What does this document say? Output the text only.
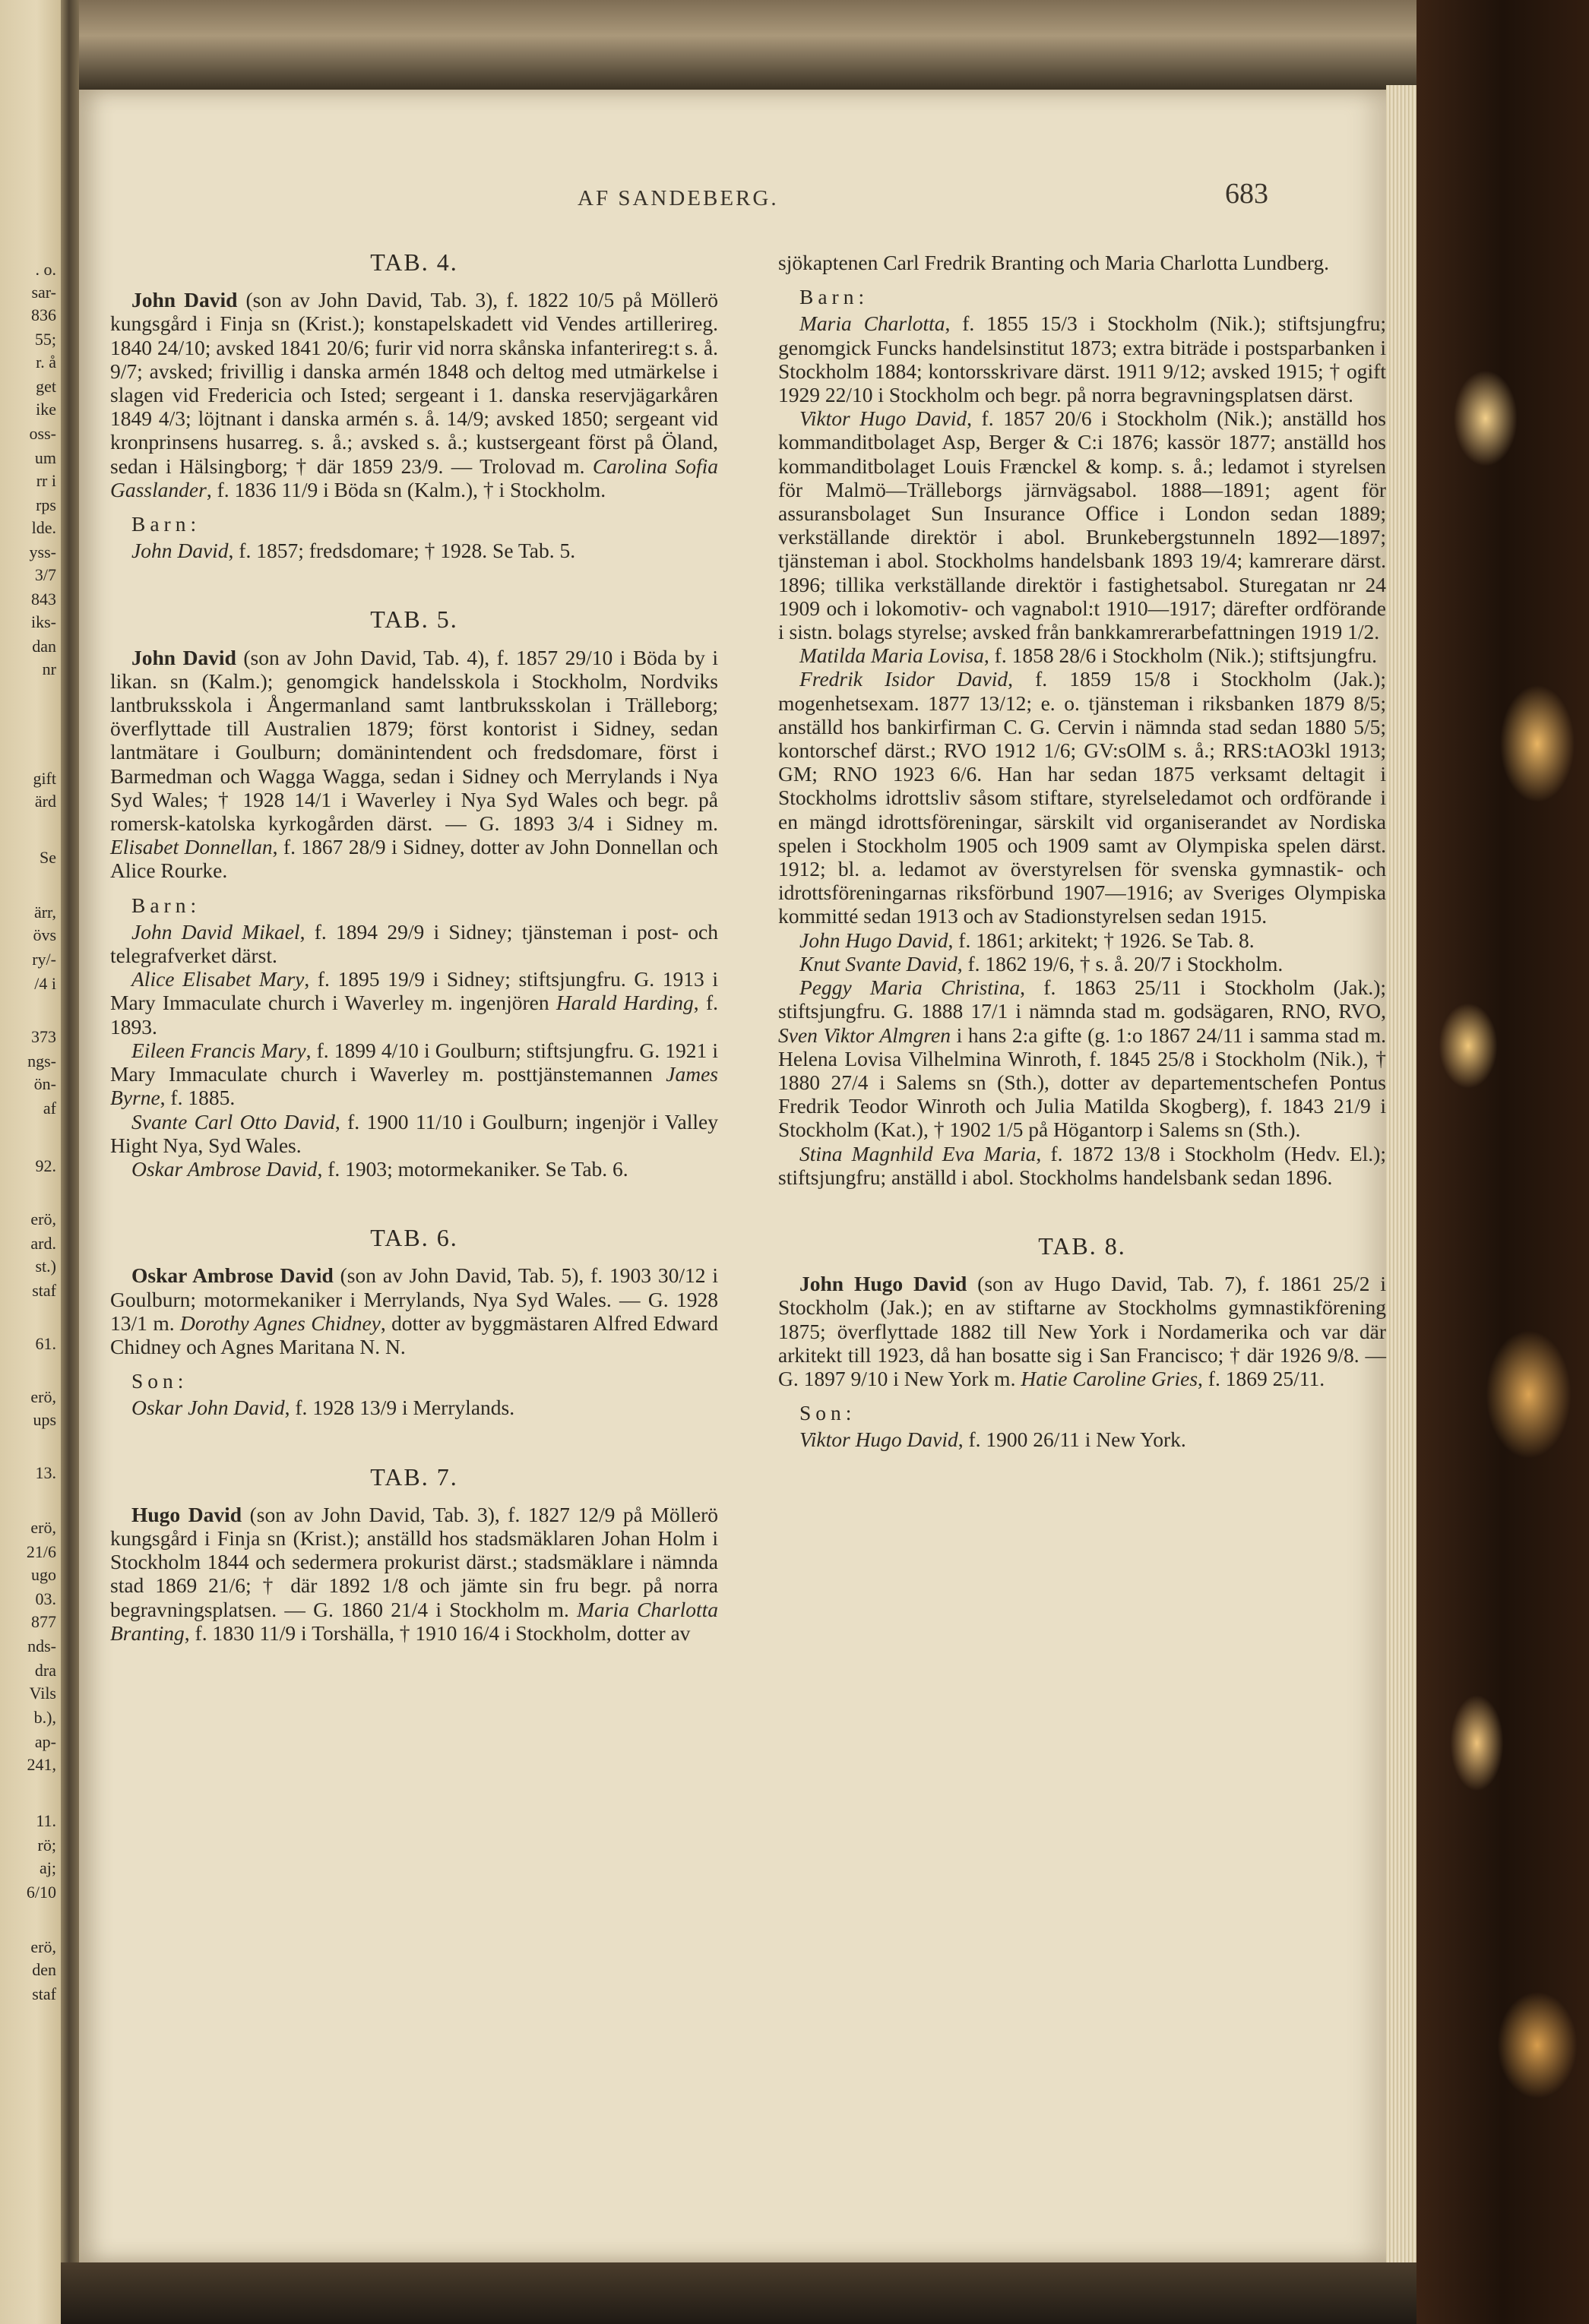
. o.
sar-
836
55;
r. å
get
ike
oss-
um
rr i
rps
lde.
yss-
3/7
843
iks-
dan
nr
gift
ärd
Se
ärr,
övs
ry/-
/4 i
373
ngs-
ön-
af
92.
erö,
ard.
st.)
staf
61.
erö,
ups
13.
erö,
21/6
ugo
03.
877
nds-
dra
Vils
b.),
ap-
241,
11.
rö;
aj;
6/10
erö,
den
staf
AF SANDEBERG.	683
TAB. 4.

John David (son av John David, Tab. 3), f. 1822 10/5 på Möllerö kungsgård i Finja sn (Krist.); konstapelskadett vid Vendes artillerireg. 1840 24/10; avsked 1841 20/6; furir vid norra skånska infanterireg:t s. å. 9/7; avsked; frivillig i danska armén 1848 och deltog med utmärkelse i slagen vid Fredericia och Isted; sergeant i 1. danska reservjägarkåren 1849 4/3; löjtnant i danska armén s. å. 14/9; avsked 1850; sergeant vid kronprinsens husarreg. s. å.; avsked s. å.; kustsergeant först på Öland, sedan i Hälsingborg; † där 1859 23/9. — Trolovad m. Carolina Sofia Gasslander, f. 1836 11/9 i Böda sn (Kalm.), † i Stockholm.

Barn:

John David, f. 1857; fredsdomare; † 1928. Se Tab. 5.

TAB. 5.

John David (son av John David, Tab. 4), f. 1857 29/10 i Böda by i likan. sn (Kalm.); genomgick handelsskola i Stockholm, Nordviks lantbruksskola i Ångermanland samt lantbruksskolan i Trälleborg; överflyttade till Australien 1879; först kontorist i Sidney, sedan lantmätare i Goulburn; domänintendent och fredsdomare, först i Barmedman och Wagga Wagga, sedan i Sidney och Merrylands i Nya Syd Wales; † 1928 14/1 i Waverley i Nya Syd Wales och begr. på romersk-katolska kyrkogården därst. — G. 1893 3/4 i Sidney m. Elisabet Donnellan, f. 1867 28/9 i Sidney, dotter av John Donnellan och Alice Rourke.

Barn:

John David Mikael, f. 1894 29/9 i Sidney; tjänsteman i post- och telegrafverket därst.

Alice Elisabet Mary, f. 1895 19/9 i Sidney; stiftsjungfru. G. 1913 i Mary Immaculate church i Waverley m. ingenjören Harald Harding, f. 1893.

Eileen Francis Mary, f. 1899 4/10 i Goulburn; stiftsjungfru. G. 1921 i Mary Immaculate church i Waverley m. posttjänstemannen James Byrne, f. 1885.

Svante Carl Otto David, f. 1900 11/10 i Goulburn; ingenjör i Valley Hight Nya, Syd Wales.

Oskar Ambrose David, f. 1903; motormekaniker. Se Tab. 6.

TAB. 6.

Oskar Ambrose David (son av John David, Tab. 5), f. 1903 30/12 i Goulburn; motormekaniker i Merrylands, Nya Syd Wales. — G. 1928 13/1 m. Dorothy Agnes Chidney, dotter av byggmästaren Alfred Edward Chidney och Agnes Maritana N. N.

Son:

Oskar John David, f. 1928 13/9 i Merrylands.

TAB. 7.

Hugo David (son av John David, Tab. 3), f. 1827 12/9 på Möllerö kungsgård i Finja sn (Krist.); anställd hos stadsmäklaren Johan Holm i Stockholm 1844 och sedermera prokurist därst.; stadsmäklare i nämnda stad 1869 21/6; † där 1892 1/8 och jämte sin fru begr. på norra begravningsplatsen. — G. 1860 21/4 i Stockholm m. Maria Charlotta Branting, f. 1830 11/9 i Torshälla, † 1910 16/4 i Stockholm, dotter av

sjökaptenen Carl Fredrik Branting och Maria Charlotta Lundberg.

Barn:

Maria Charlotta, f. 1855 15/3 i Stockholm (Nik.); stiftsjungfru; genomgick Funcks handelsinstitut 1873; extra biträde i postsparbanken i Stockholm 1884; kontorsskrivare därst. 1911 9/12; avsked 1915; † ogift 1929 22/10 i Stockholm och begr. på norra begravningsplatsen därst.

Viktor Hugo David, f. 1857 20/6 i Stockholm (Nik.); anställd hos kommanditbolaget Asp, Berger & C:i 1876; kassör 1877; anställd hos kommanditbolaget Louis Frænckel & komp. s. å.; ledamot i styrelsen för Malmö—Trälleborgs järnvägsabol. 1888—1891; agent för assuransbolaget Sun Insurance Office i London sedan 1889; verkställande direktör i abol. Brunkebergstunneln 1892—1897; tjänsteman i abol. Stockholms handelsbank 1893 19/4; kamrerare därst. 1896; tillika verkställande direktör i fastighetsabol. Sturegatan nr 24 1909 och i lokomotiv- och vagnabol:t 1910—1917; därefter ordförande i sistn. bolags styrelse; avsked från bankkamrerarbefattningen 1919 1/2.

Matilda Maria Lovisa, f. 1858 28/6 i Stockholm (Nik.); stiftsjungfru.

Fredrik Isidor David, f. 1859 15/8 i Stockholm (Jak.); mogenhetsexam. 1877 13/12; e. o. tjänsteman i riksbanken 1879 8/5; anställd hos bankirfirman C. G. Cervin i nämnda stad sedan 1880 5/5; kontorschef därst.; RVO 1912 1/6; GV:sOlM s. å.; RRS:tAO3kl 1913; GM; RNO 1923 6/6. Han har sedan 1875 verksamt deltagit i Stockholms idrottsliv såsom stiftare, styrelseledamot och ordförande i en mängd idrottsföreningar, särskilt vid organiserandet av Nordiska spelen i Stockholm 1905 och 1909 samt av Olympiska spelen därst. 1912; bl. a. ledamot av överstyrelsen för svenska gymnastik- och idrottsföreningarnas riksförbund 1907—1916; av Sveriges Olympiska kommitté sedan 1913 och av Stadionstyrelsen sedan 1915.

John Hugo David, f. 1861; arkitekt; † 1926. Se Tab. 8.

Knut Svante David, f. 1862 19/6, † s. å. 20/7 i Stockholm.

Peggy Maria Christina, f. 1863 25/11 i Stockholm (Jak.); stiftsjungfru. G. 1888 17/1 i nämnda stad m. godsägaren, RNO, RVO, Sven Viktor Almgren i hans 2:a gifte (g. 1:o 1867 24/11 i samma stad m. Helena Lovisa Vilhelmina Winroth, f. 1845 25/8 i Stockholm (Nik.), † 1880 27/4 i Salems sn (Sth.), dotter av departementschefen Pontus Fredrik Teodor Winroth och Julia Matilda Skogberg), f. 1843 21/9 i Stockholm (Kat.), † 1902 1/5 på Högantorp i Salems sn (Sth.).

Stina Magnhild Eva Maria, f. 1872 13/8 i Stockholm (Hedv. El.); stiftsjungfru; anställd i abol. Stockholms handelsbank sedan 1896.

TAB. 8.

John Hugo David (son av Hugo David, Tab. 7), f. 1861 25/2 i Stockholm (Jak.); en av stiftarne av Stockholms gymnastikförening 1875; överflyttade 1882 till New York i Nordamerika och var där arkitekt till 1923, då han bosatte sig i San Francisco; † där 1926 9/8. — G. 1897 9/10 i New York m. Hatie Caroline Gries, f. 1869 25/11.

Son:

Viktor Hugo David, f. 1900 26/11 i New York.
